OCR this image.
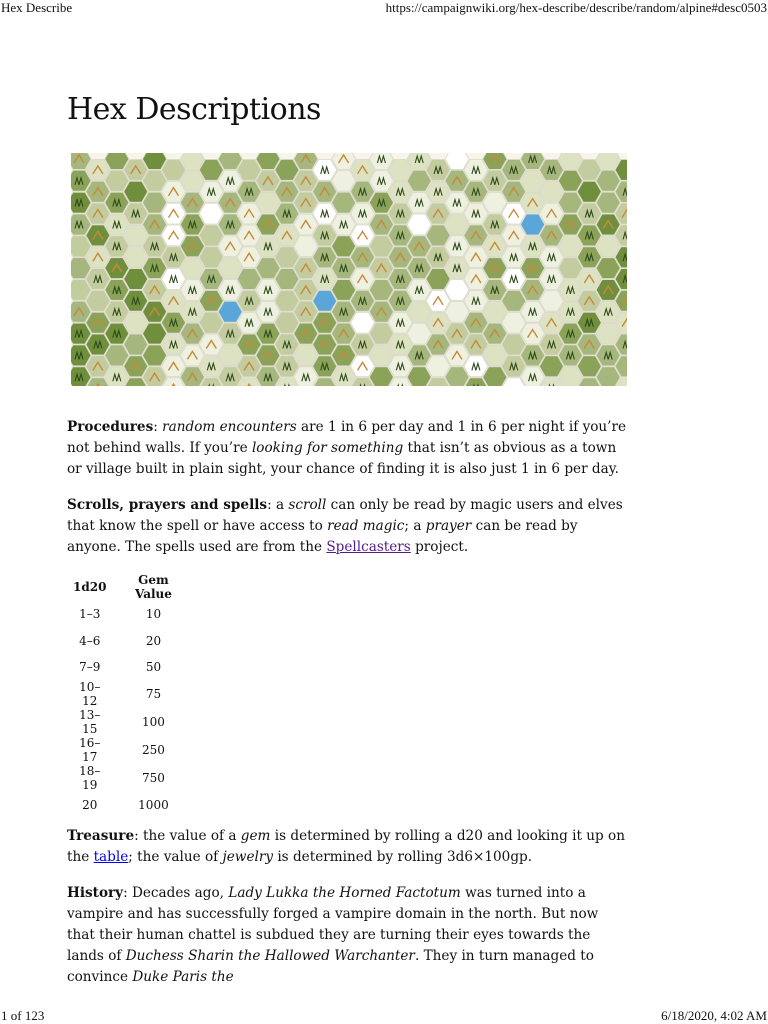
Hex Describe	https://campaignwiki.org/hex-describe/describe/random/alpine#desc0503
Hex Descriptions

Procedures: random encounters are 1 in 6 per day and 1 in 6 per night if you’re not behind walls. If you’re looking for something that isn’t as obvious as a town or village built in plain sight, your chance of finding it is also just 1 in 6 per day.

Scrolls, prayers and spells: a scroll can only be read by magic users and elves that know the spell or have access to read magic; a prayer can be read by anyone. The spells used are from the Spellcasters project.

1d20	Gem Value
1–3	10
4–6	20
7–9	50
10–12	75
13–15	100
16–17	250
18–19	750
20	1000

Treasure: the value of a gem is determined by rolling a d20 and looking it up on the table; the value of jewelry is determined by rolling 3d6×100gp.

History: Decades ago, Lady Lukka the Horned Factotum was turned into a vampire and has successfully forged a vampire domain in the north. But now that their human chattel is subdued they are turning their eyes towards the lands of Duchess Sharin the Hallowed Warchanter. They in turn managed to convince Duke Paris the

1 of 123	6/18/2020, 4:02 AM
